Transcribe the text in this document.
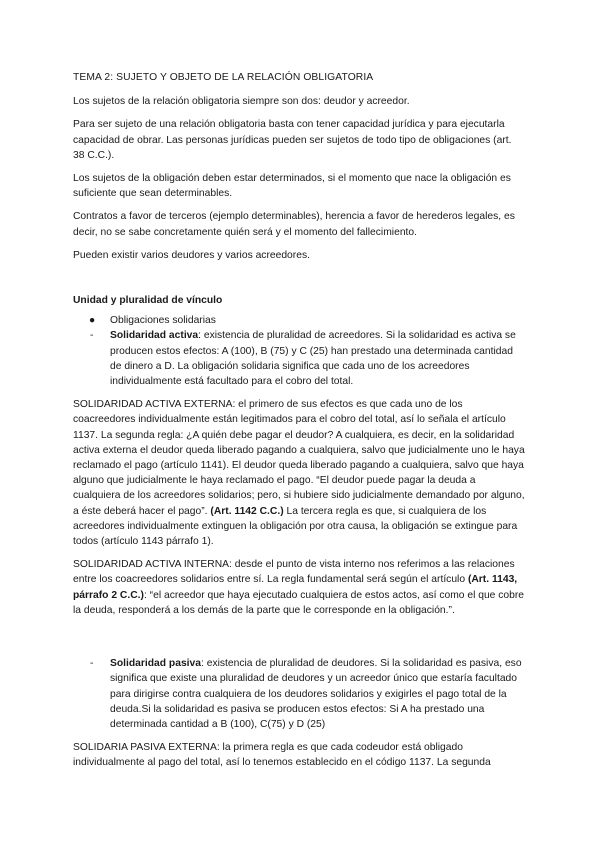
TEMA 2: SUJETO Y OBJETO DE LA RELACIÓN OBLIGATORIA

Los sujetos de la relación obligatoria siempre son dos: deudor y acreedor.

Para ser sujeto de una relación obligatoria basta con tener capacidad jurídica y para ejecutarla capacidad de obrar. Las personas jurídicas pueden ser sujetos de todo tipo de obligaciones (art. 38 C.C.).

Los sujetos de la obligación deben estar determinados, si el momento que nace la obligación es suficiente que sean determinables.

Contratos a favor de terceros (ejemplo determinables), herencia a favor de herederos legales, es decir, no se sabe concretamente quién será y el momento del fallecimiento.

Pueden existir varios deudores y varios acreedores.

Unidad y pluralidad de vínculo

● Obligaciones solidarias
- Solidaridad activa: existencia de pluralidad de acreedores. Si la solidaridad es activa se producen estos efectos: A (100), B (75) y C (25) han prestado una determinada cantidad de dinero a D. La obligación solidaria significa que cada uno de los acreedores individualmente está facultado para el cobro del total.

SOLIDARIDAD ACTIVA EXTERNA: el primero de sus efectos es que cada uno de los coacreedores individualmente están legitimados para el cobro del total, así lo señala el artículo 1137. La segunda regla: ¿A quién debe pagar el deudor? A cualquiera, es decir, en la solidaridad activa externa el deudor queda liberado pagando a cualquiera, salvo que judicialmente uno le haya reclamado el pago (artículo 1141). El deudor queda liberado pagando a cualquiera, salvo que haya alguno que judicialmente le haya reclamado el pago. “El deudor puede pagar la deuda a cualquiera de los acreedores solidarios; pero, si hubiere sido judicialmente demandado por alguno, a éste deberá hacer el pago”. (Art. 1142 C.C.) La tercera regla es que, si cualquiera de los acreedores individualmente extinguen la obligación por otra causa, la obligación se extingue para todos (artículo 1143 párrafo 1).

SOLIDARIDAD ACTIVA INTERNA: desde el punto de vista interno nos referimos a las relaciones entre los coacreedores solidarios entre sí. La regla fundamental será según el artículo (Art. 1143, párrafo 2 C.C.): “el acreedor que haya ejecutado cualquiera de estos actos, así como el que cobre la deuda, responderá a los demás de la parte que le corresponde en la obligación.”.

- Solidaridad pasiva: existencia de pluralidad de deudores. Si la solidaridad es pasiva, eso significa que existe una pluralidad de deudores y un acreedor único que estaría facultado para dirigirse contra cualquiera de los deudores solidarios y exigirles el pago total de la deuda.Si la solidaridad es pasiva se producen estos efectos: Si A ha prestado una determinada cantidad a B (100), C(75) y D (25)

SOLIDARIA PASIVA EXTERNA: la primera regla es que cada codeudor está obligado individualmente al pago del total, así lo tenemos establecido en el código 1137. La segunda
